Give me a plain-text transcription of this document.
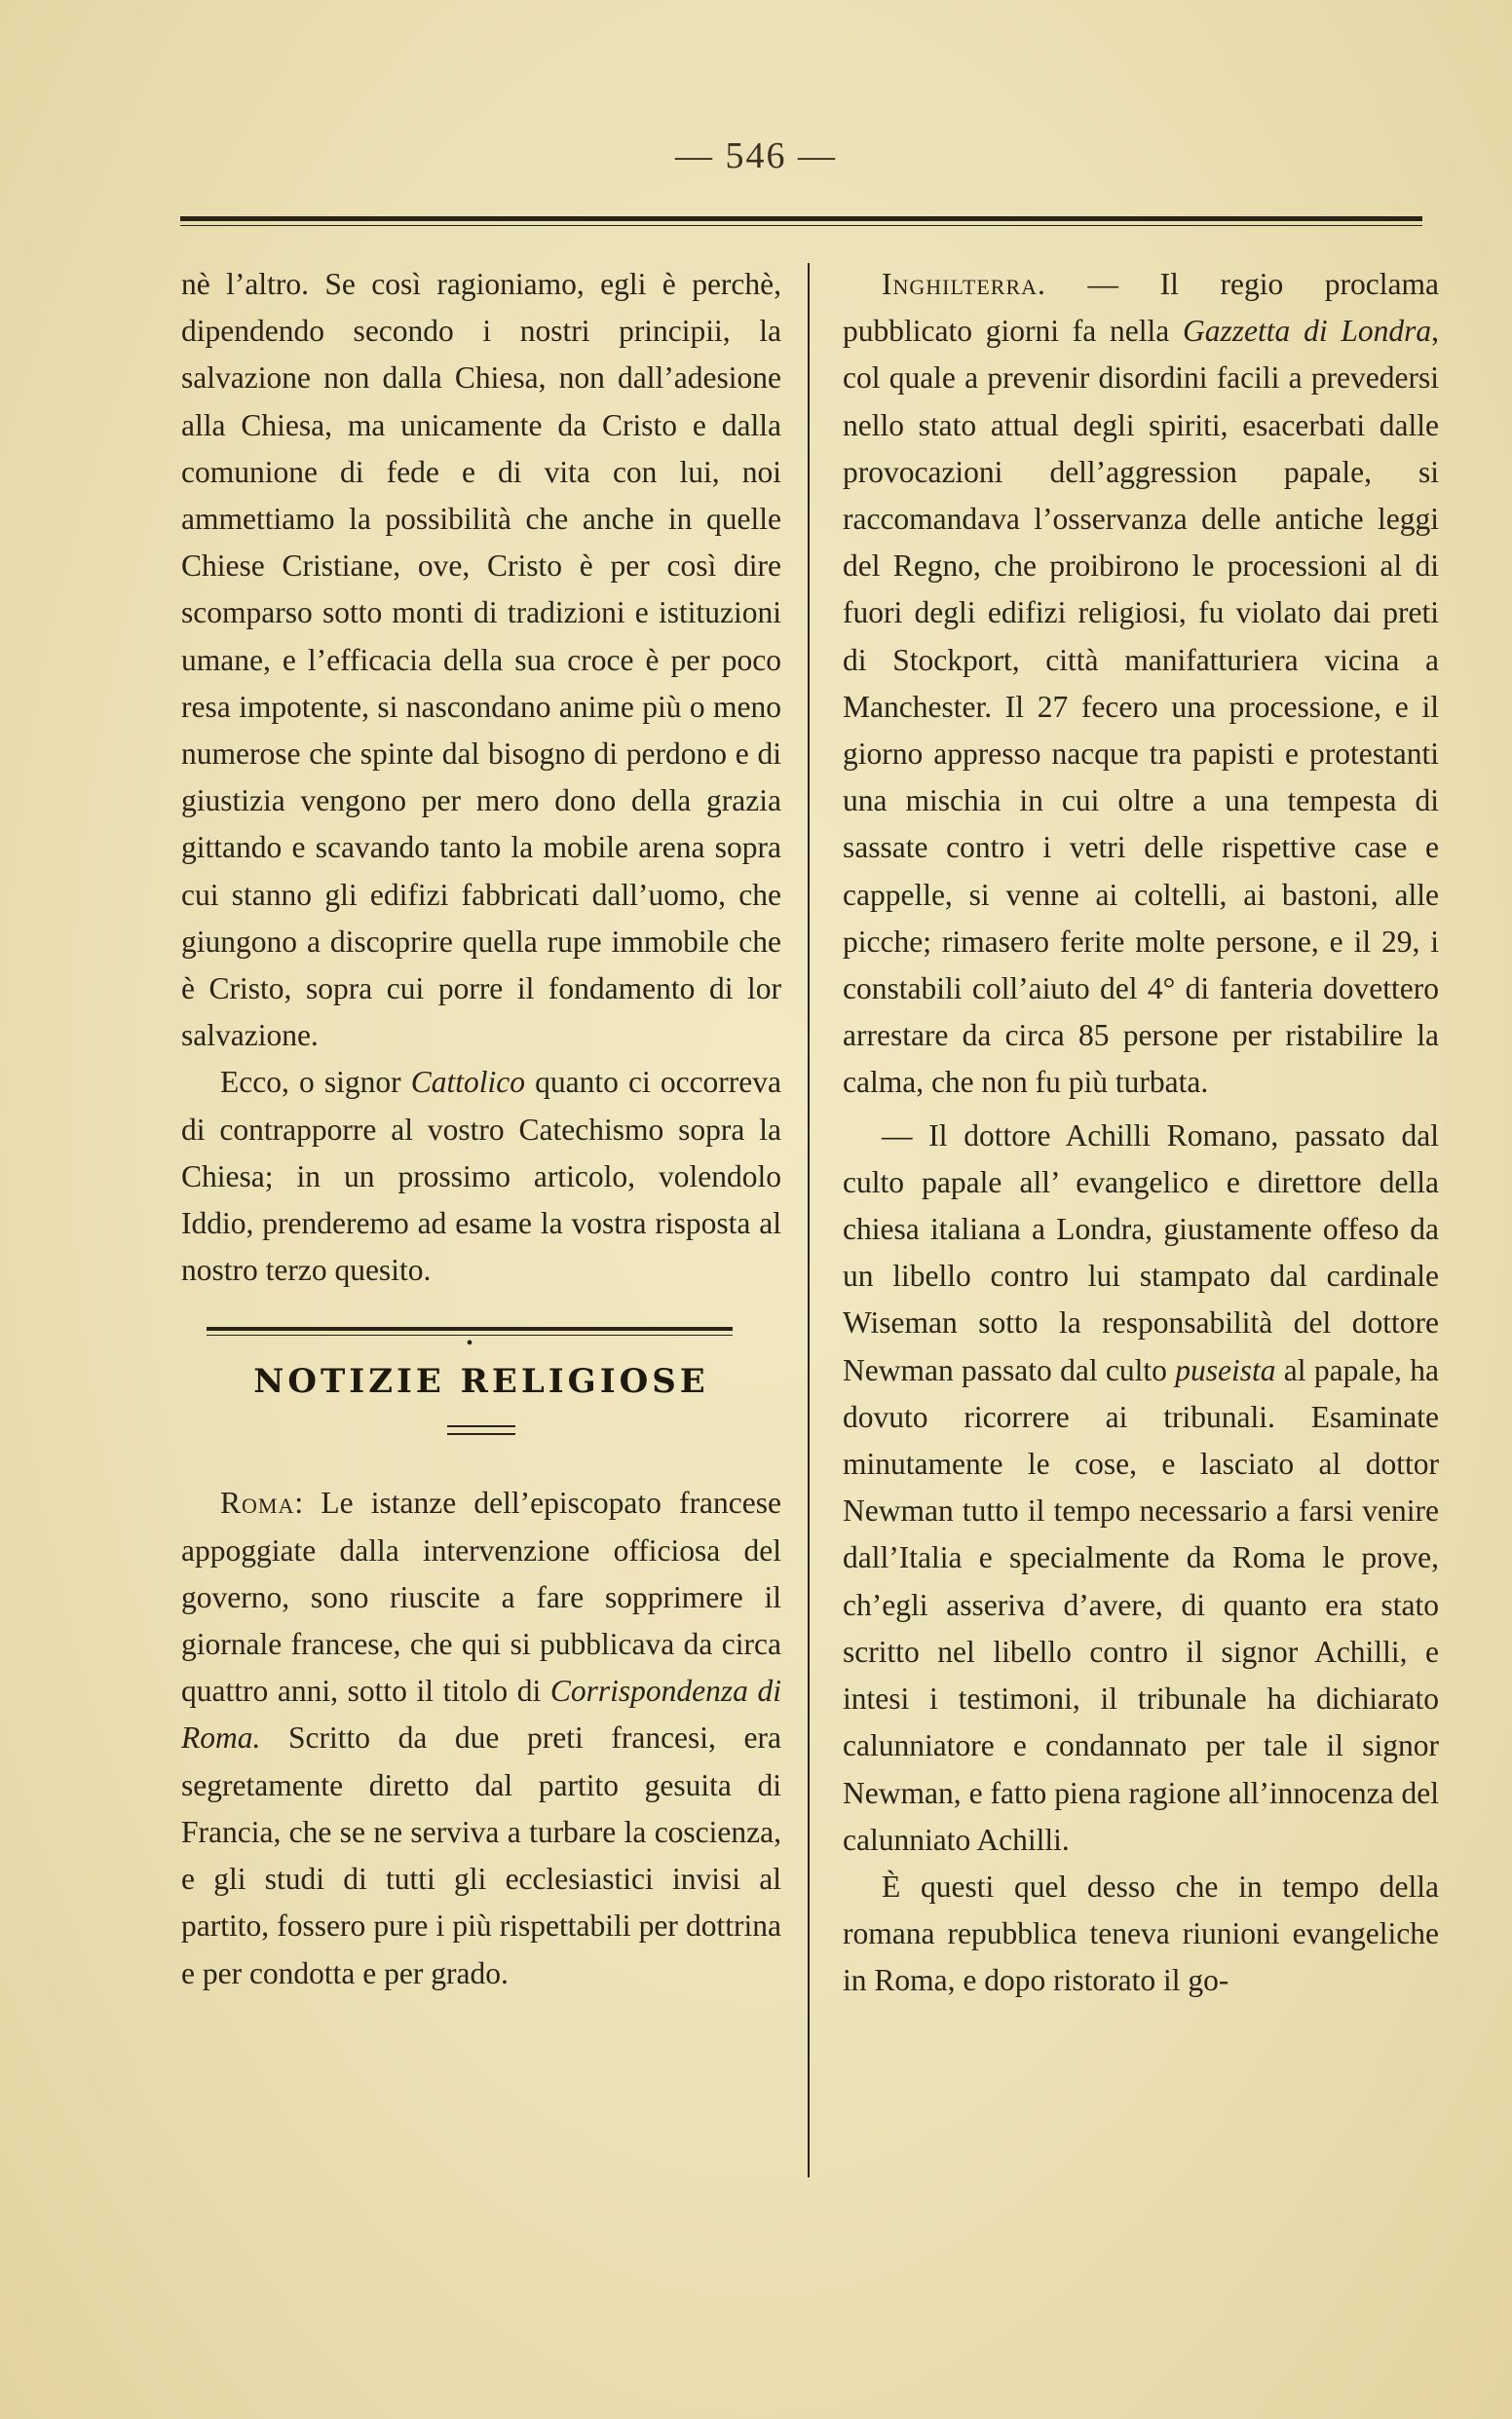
— 546 —

nè l’altro. Se così ragioniamo, egli è perchè, dipendendo secondo i nostri principii, la salvazione non dalla Chiesa, non dall’adesione alla Chiesa, ma unicamente da Cristo e dalla comunione di fede e di vita con lui, noi ammettiamo la possibilità che anche in quelle Chiese Cristiane, ove, Cristo è per così dire scomparso sotto monti di tradizioni e istituzioni umane, e l’efficacia della sua croce è per poco resa impotente, si nascondano anime più o meno numerose che spinte dal bisogno di perdono e di giustizia vengono per mero dono della grazia gittando e scavando tanto la mobile arena sopra cui stanno gli edifizi fabbricati dall’uomo, che giungono a discoprire quella rupe immobile che è Cristo, sopra cui porre il fondamento di lor salvazione.

Ecco, o signor Cattolico quanto ci occorreva di contrapporre al vostro Catechismo sopra la Chiesa; in un prossimo articolo, volendolo Iddio, prenderemo ad esame la vostra risposta al nostro terzo quesito.

•
NOTIZIE RELIGIOSE

Roma: Le istanze dell’episcopato francese appoggiate dalla intervenzione officiosa del governo, sono riuscite a fare sopprimere il giornale francese, che qui si pubblicava da circa quattro anni, sotto il titolo di Corrispondenza di Roma. Scritto da due preti francesi, era segretamente diretto dal partito gesuita di Francia, che se ne serviva a turbare la coscienza, e gli studi di tutti gli ecclesiastici invisi al partito, fossero pure i più rispettabili per dottrina e per condotta e per grado.

Inghilterra. — Il regio proclama pubblicato giorni fa nella Gazzetta di Londra, col quale a prevenir disordini facili a prevedersi nello stato attual degli spiriti, esacerbati dalle provocazioni dell’aggression papale, si raccomandava l’osservanza delle antiche leggi del Regno, che proibirono le processioni al di fuori degli edifizi religiosi, fu violato dai preti di Stockport, città manifatturiera vicina a Manchester. Il 27 fecero una processione, e il giorno appresso nacque tra papisti e protestanti una mischia in cui oltre a una tempesta di sassate contro i vetri delle rispettive case e cappelle, si venne ai coltelli, ai bastoni, alle picche; rimasero ferite molte persone, e il 29, i constabili coll’aiuto del 4° di fanteria dovettero arrestare da circa 85 persone per ristabilire la calma, che non fu più turbata.

— Il dottore Achilli Romano, passato dal culto papale all’ evangelico e direttore della chiesa italiana a Londra, giustamente offeso da un libello contro lui stampato dal cardinale Wiseman sotto la responsabilità del dottore Newman passato dal culto puseista al papale, ha dovuto ricorrere ai tribunali. Esaminate minutamente le cose, e lasciato al dottor Newman tutto il tempo necessario a farsi venire dall’Italia e specialmente da Roma le prove, ch’egli asseriva d’avere, di quanto era stato scritto nel libello contro il signor Achilli, e intesi i testimoni, il tribunale ha dichiarato calunniatore e condannato per tale il signor Newman, e fatto piena ragione all’innocenza del calunniato Achilli.

È questi quel desso che in tempo della romana repubblica teneva riunioni evangeliche in Roma, e dopo ristorato il go-
